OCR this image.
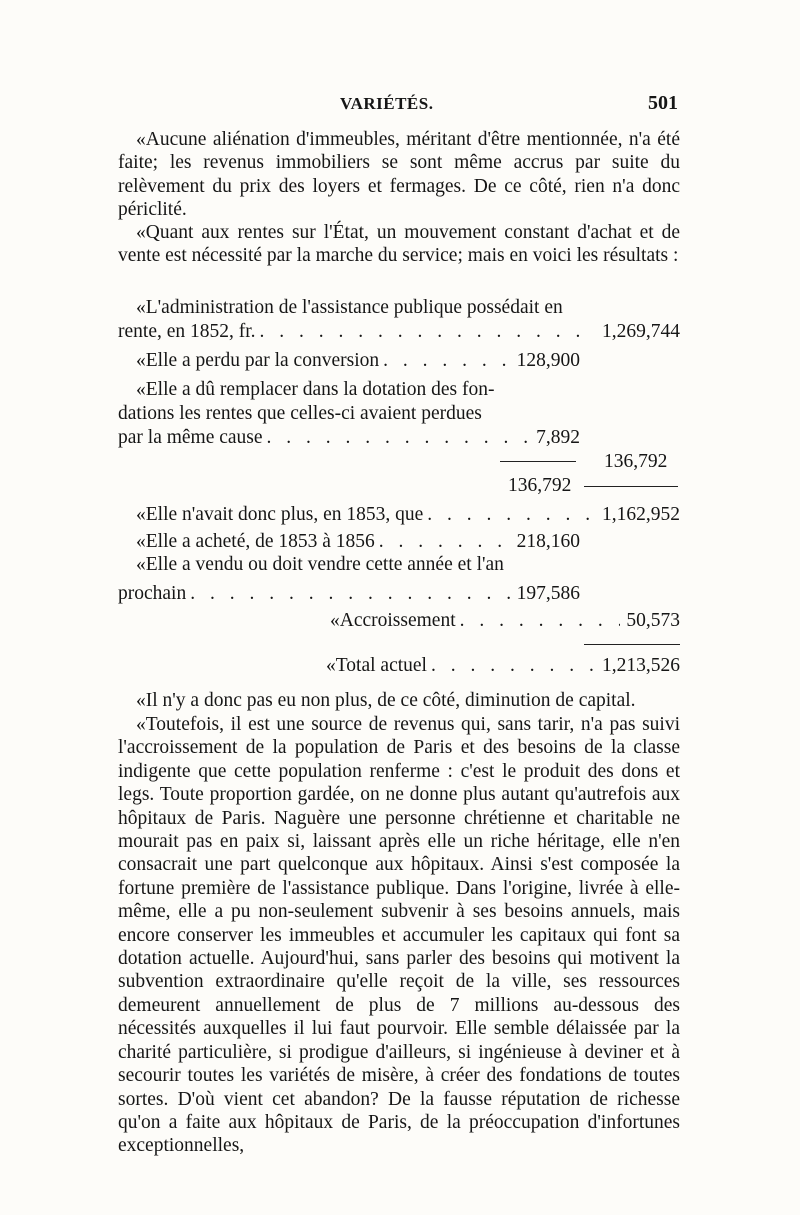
VARIÉTÉS.	501
«Aucune aliénation d'immeubles, méritant d'être mentionnée, n'a été faite; les revenus immobiliers se sont même accrus par suite du relèvement du prix des loyers et fermages. De ce côté, rien n'a donc périclité.
«Quant aux rentes sur l'État, un mouvement constant d'achat et de vente est nécessité par la marche du service; mais en voici les résultats :
«L'administration de l'assistance publique possédait en
rente, en 1852, fr. . . .	1,269,744
«Elle a perdu par la conversion . . .	128,900
«Elle a dû remplacer dans la dotation des fon-
dations les rentes que celles-ci avaient perdues
par la même cause . . .	7,892
136,792
136,792
«Elle n'avait donc plus, en 1853, que . . .	1,162,952
«Elle a acheté, de 1853 à 1856 . . .	218,160
«Elle a vendu ou doit vendre cette année et l'an
prochain . . .	197,586
«Accroissement . . .	50,573
«Total actuel . . .	1,213,526
«Il n'y a donc pas eu non plus, de ce côté, diminution de capital.
«Toutefois, il est une source de revenus qui, sans tarir, n'a pas suivi l'accroissement de la population de Paris et des besoins de la classe indigente que cette population renferme : c'est le produit des dons et legs. Toute proportion gardée, on ne donne plus autant qu'autrefois aux hôpitaux de Paris. Naguère une personne chrétienne et charitable ne mourait pas en paix si, laissant après elle un riche héritage, elle n'en consacrait une part quelconque aux hôpitaux. Ainsi s'est composée la fortune première de l'assistance publique. Dans l'origine, livrée à elle-même, elle a pu non-seulement subvenir à ses besoins annuels, mais encore conserver les immeubles et accumuler les capitaux qui font sa dotation actuelle. Aujourd'hui, sans parler des besoins qui motivent la subvention extraordinaire qu'elle reçoit de la ville, ses ressources demeurent annuellement de plus de 7 millions au-dessous des nécessités auxquelles il lui faut pourvoir. Elle semble délaissée par la charité particulière, si prodigue d'ailleurs, si ingénieuse à deviner et à secourir toutes les variétés de misère, à créer des fondations de toutes sortes. D'où vient cet abandon? De la fausse réputation de richesse qu'on a faite aux hôpitaux de Paris, de la préoccupation d'infortunes exceptionnelles,
